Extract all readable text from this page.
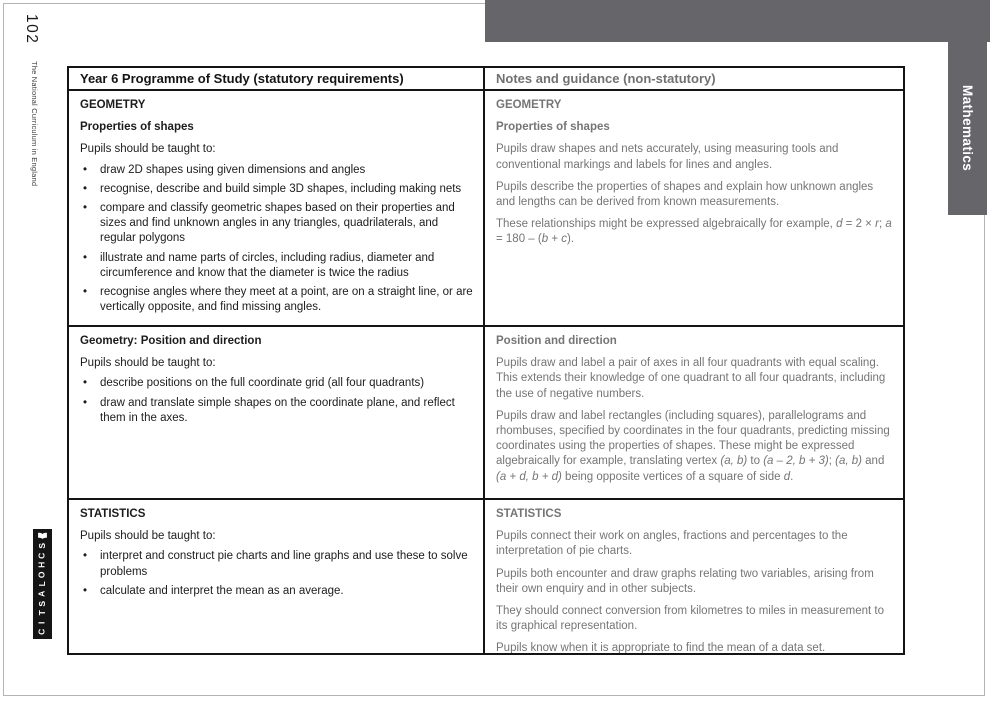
Mathematics
102
The National Curriculum in England
S
C
H
O
L
A
S
T
I
C
Year 6 Programme of Study (statutory requirements)	Notes and guidance (non-statutory)
GEOMETRY
Properties of shapes
Pupils should be taught to:
• draw 2D shapes using given dimensions and angles
• recognise, describe and build simple 3D shapes, including making nets
• compare and classify geometric shapes based on their properties and sizes and find unknown angles in any triangles, quadrilaterals, and regular polygons
• illustrate and name parts of circles, including radius, diameter and circumference and know that the diameter is twice the radius
• recognise angles where they meet at a point, are on a straight line, or are vertically opposite, and find missing angles.
GEOMETRY
Properties of shapes
Pupils draw shapes and nets accurately, using measuring tools and conventional markings and labels for lines and angles.
Pupils describe the properties of shapes and explain how unknown angles and lengths can be derived from known measurements.
These relationships might be expressed algebraically for example, d = 2 × r; a = 180 – (b + c).
Geometry: Position and direction
Pupils should be taught to:
• describe positions on the full coordinate grid (all four quadrants)
• draw and translate simple shapes on the coordinate plane, and reflect them in the axes.
Position and direction
Pupils draw and label a pair of axes in all four quadrants with equal scaling. This extends their knowledge of one quadrant to all four quadrants, including the use of negative numbers.
Pupils draw and label rectangles (including squares), parallelograms and rhombuses, specified by coordinates in the four quadrants, predicting missing coordinates using the properties of shapes. These might be expressed algebraically for example, translating vertex (a, b) to (a – 2, b + 3); (a, b) and (a + d, b + d) being opposite vertices of a square of side d.
STATISTICS
Pupils should be taught to:
• interpret and construct pie charts and line graphs and use these to solve problems
• calculate and interpret the mean as an average.
STATISTICS
Pupils connect their work on angles, fractions and percentages to the interpretation of pie charts.
Pupils both encounter and draw graphs relating two variables, arising from their own enquiry and in other subjects.
They should connect conversion from kilometres to miles in measurement to its graphical representation.
Pupils know when it is appropriate to find the mean of a data set.
